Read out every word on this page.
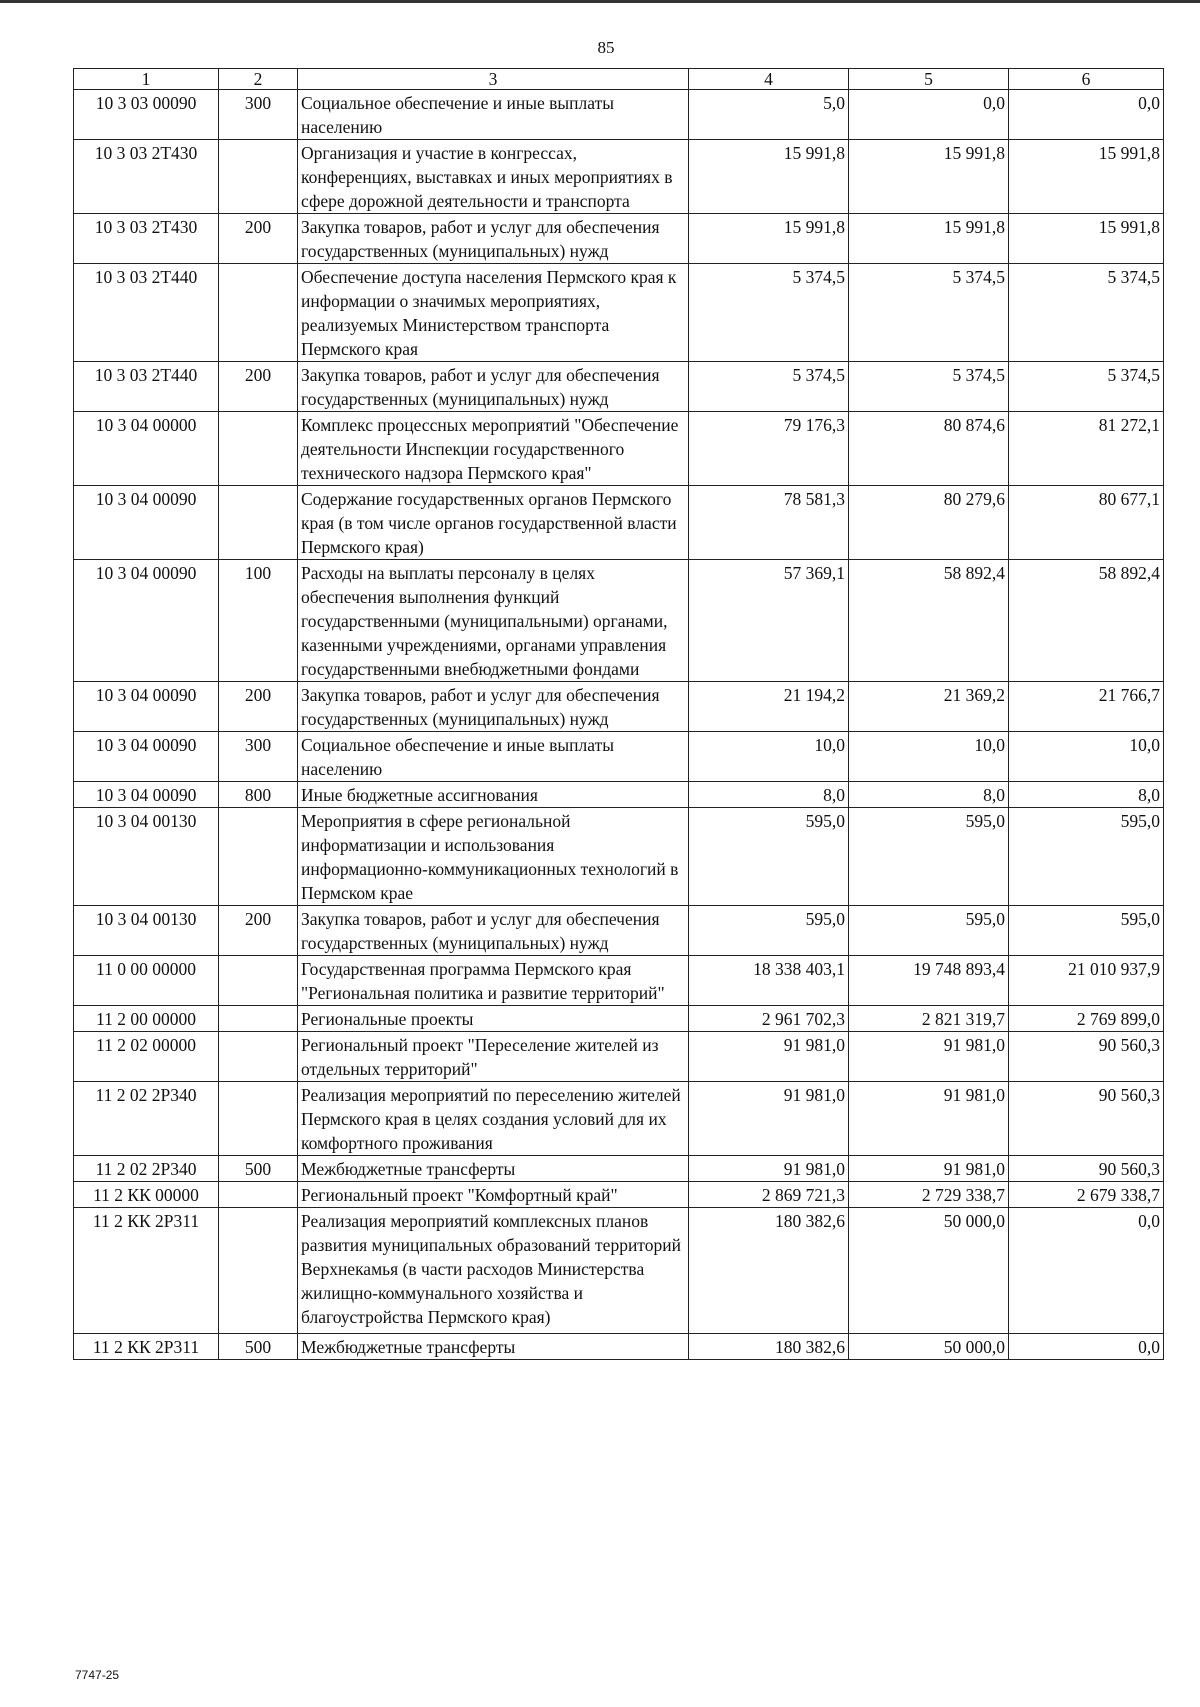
85
1	2	3	4	5	6
10 3 03 00090	300	Социальное обеспечение и иные выплаты населению	5,0	0,0	0,0
10 3 03 2Т430		Организация и участие в конгрессах, конференциях, выставках и иных мероприятиях в сфере дорожной деятельности и транспорта	15 991,8	15 991,8	15 991,8
10 3 03 2Т430	200	Закупка товаров, работ и услуг для обеспечения государственных (муниципальных) нужд	15 991,8	15 991,8	15 991,8
10 3 03 2Т440		Обеспечение доступа населения Пермского края к информации о значимых мероприятиях, реализуемых Министерством транспорта Пермского края	5 374,5	5 374,5	5 374,5
10 3 03 2Т440	200	Закупка товаров, работ и услуг для обеспечения государственных (муниципальных) нужд	5 374,5	5 374,5	5 374,5
10 3 04 00000		Комплекс процессных мероприятий "Обеспечение деятельности Инспекции государственного технического надзора Пермского края"	79 176,3	80 874,6	81 272,1
10 3 04 00090		Содержание государственных органов Пермского края (в том числе органов государственной власти Пермского края)	78 581,3	80 279,6	80 677,1
10 3 04 00090	100	Расходы на выплаты персоналу в целях обеспечения выполнения функций государственными (муниципальными) органами, казенными учреждениями, органами управления государственными внебюджетными фондами	57 369,1	58 892,4	58 892,4
10 3 04 00090	200	Закупка товаров, работ и услуг для обеспечения государственных (муниципальных) нужд	21 194,2	21 369,2	21 766,7
10 3 04 00090	300	Социальное обеспечение и иные выплаты населению	10,0	10,0	10,0
10 3 04 00090	800	Иные бюджетные ассигнования	8,0	8,0	8,0
10 3 04 00130		Мероприятия в сфере региональной информатизации и использования информационно-коммуникационных технологий в Пермском крае	595,0	595,0	595,0
10 3 04 00130	200	Закупка товаров, работ и услуг для обеспечения государственных (муниципальных) нужд	595,0	595,0	595,0
11 0 00 00000		Государственная программа Пермского края "Региональная политика и развитие территорий"	18 338 403,1	19 748 893,4	21 010 937,9
11 2 00 00000		Региональные проекты	2 961 702,3	2 821 319,7	2 769 899,0
11 2 02 00000		Региональный проект "Переселение жителей из отдельных территорий"	91 981,0	91 981,0	90 560,3
11 2 02 2Р340		Реализация мероприятий по переселению жителей Пермского края в целях создания условий для их комфортного проживания	91 981,0	91 981,0	90 560,3
11 2 02 2Р340	500	Межбюджетные трансферты	91 981,0	91 981,0	90 560,3
11 2 КК 00000		Региональный проект "Комфортный край"	2 869 721,3	2 729 338,7	2 679 338,7
11 2 КК 2Р311		Реализация мероприятий комплексных планов развития муниципальных образований территорий Верхнекамья (в части расходов Министерства жилищно-коммунального хозяйства и благоустройства Пермского края)	180 382,6	50 000,0	0,0
11 2 КК 2Р311	500	Межбюджетные трансферты	180 382,6	50 000,0	0,0
7747-25
